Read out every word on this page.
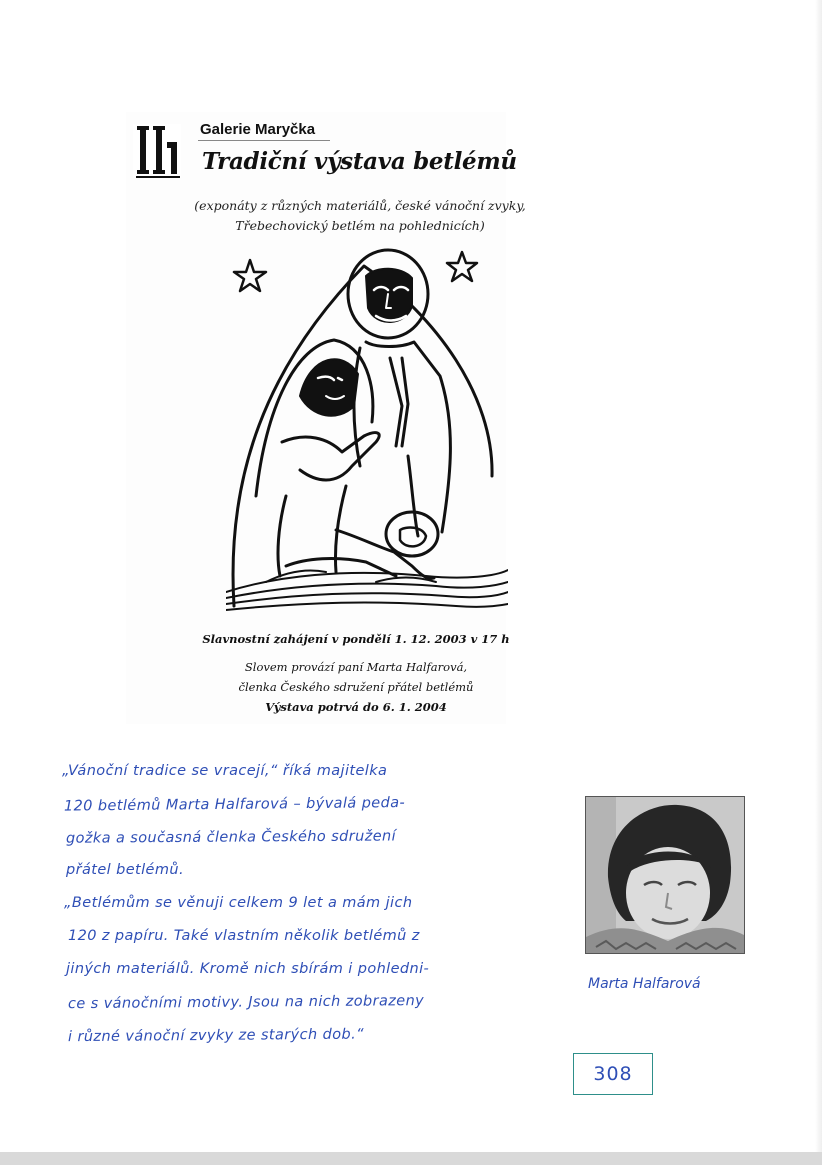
Galerie Maryčka
Tradiční výstava betlémů
(exponáty z různých materiálů, české vánoční zvyky,
Třebechovický betlém na pohlednicích)
Slavnostní zahájení v pondělí 1. 12. 2003 v 17 h
Slovem provází paní Marta Halfarová,
členka Českého sdružení přátel betlémů
Výstava potrvá do 6. 1. 2004
„Vánoční tradice se vracejí,“ říká majitelka
120 betlémů Marta Halfarová – bývalá peda-
gožka a současná členka Českého sdružení
přátel betlémů.
„Betlémům se věnuji celkem 9 let a mám jich
120 z papíru. Také vlastním několik betlémů z
jiných materiálů. Kromě nich sbírám i pohledni-
ce s vánočními motivy. Jsou na nich zobrazeny
i různé vánoční zvyky ze starých dob.“
Marta Halfarová
308
